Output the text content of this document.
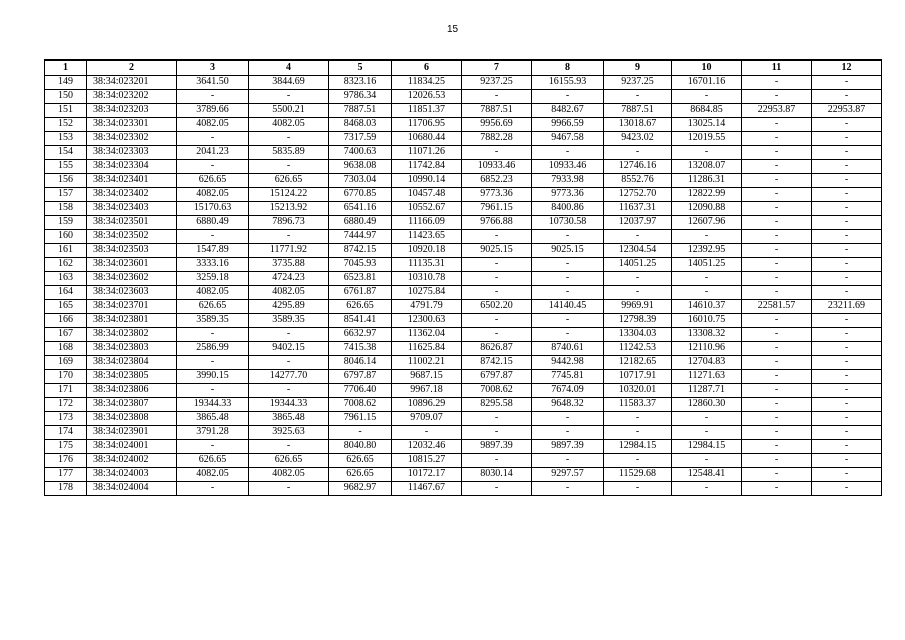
15
1	2	3	4	5	6	7	8	9	10	11	12
149	38:34:023201	3641.50	3844.69	8323.16	11834.25	9237.25	16155.93	9237.25	16701.16	-	-
150	38:34:023202	-	-	9786.34	12026.53	-	-	-	-	-	-
151	38:34:023203	3789.66	5500.21	7887.51	11851.37	7887.51	8482.67	7887.51	8684.85	22953.87	22953.87
152	38:34:023301	4082.05	4082.05	8468.03	11706.95	9956.69	9966.59	13018.67	13025.14	-	-
153	38:34:023302	-	-	7317.59	10680.44	7882.28	9467.58	9423.02	12019.55	-	-
154	38:34:023303	2041.23	5835.89	7400.63	11071.26	-	-	-	-	-	-
155	38:34:023304	-	-	9638.08	11742.84	10933.46	10933.46	12746.16	13208.07	-	-
156	38:34:023401	626.65	626.65	7303.04	10990.14	6852.23	7933.98	8552.76	11286.31	-	-
157	38:34:023402	4082.05	15124.22	6770.85	10457.48	9773.36	9773.36	12752.70	12822.99	-	-
158	38:34:023403	15170.63	15213.92	6541.16	10552.67	7961.15	8400.86	11637.31	12090.88	-	-
159	38:34:023501	6880.49	7896.73	6880.49	11166.09	9766.88	10730.58	12037.97	12607.96	-	-
160	38:34:023502	-	-	7444.97	11423.65	-	-	-	-	-	-
161	38:34:023503	1547.89	11771.92	8742.15	10920.18	9025.15	9025.15	12304.54	12392.95	-	-
162	38:34:023601	3333.16	3735.88	7045.93	11135.31	-	-	14051.25	14051.25	-	-
163	38:34:023602	3259.18	4724.23	6523.81	10310.78	-	-	-	-	-	-
164	38:34:023603	4082.05	4082.05	6761.87	10275.84	-	-	-	-	-	-
165	38:34:023701	626.65	4295.89	626.65	4791.79	6502.20	14140.45	9969.91	14610.37	22581.57	23211.69
166	38:34:023801	3589.35	3589.35	8541.41	12300.63	-	-	12798.39	16010.75	-	-
167	38:34:023802	-	-	6632.97	11362.04	-	-	13304.03	13308.32	-	-
168	38:34:023803	2586.99	9402.15	7415.38	11625.84	8626.87	8740.61	11242.53	12110.96	-	-
169	38:34:023804	-	-	8046.14	11002.21	8742.15	9442.98	12182.65	12704.83	-	-
170	38:34:023805	3990.15	14277.70	6797.87	9687.15	6797.87	7745.81	10717.91	11271.63	-	-
171	38:34:023806	-	-	7706.40	9967.18	7008.62	7674.09	10320.01	11287.71	-	-
172	38:34:023807	19344.33	19344.33	7008.62	10896.29	8295.58	9648.32	11583.37	12860.30	-	-
173	38:34:023808	3865.48	3865.48	7961.15	9709.07	-	-	-	-	-	-
174	38:34:023901	3791.28	3925.63	-	-	-	-	-	-	-	-
175	38:34:024001	-	-	8040.80	12032.46	9897.39	9897.39	12984.15	12984.15	-	-
176	38:34:024002	626.65	626.65	626.65	10815.27	-	-	-	-	-	-
177	38:34:024003	4082.05	4082.05	626.65	10172.17	8030.14	9297.57	11529.68	12548.41	-	-
178	38:34:024004	-	-	9682.97	11467.67	-	-	-	-	-	-
